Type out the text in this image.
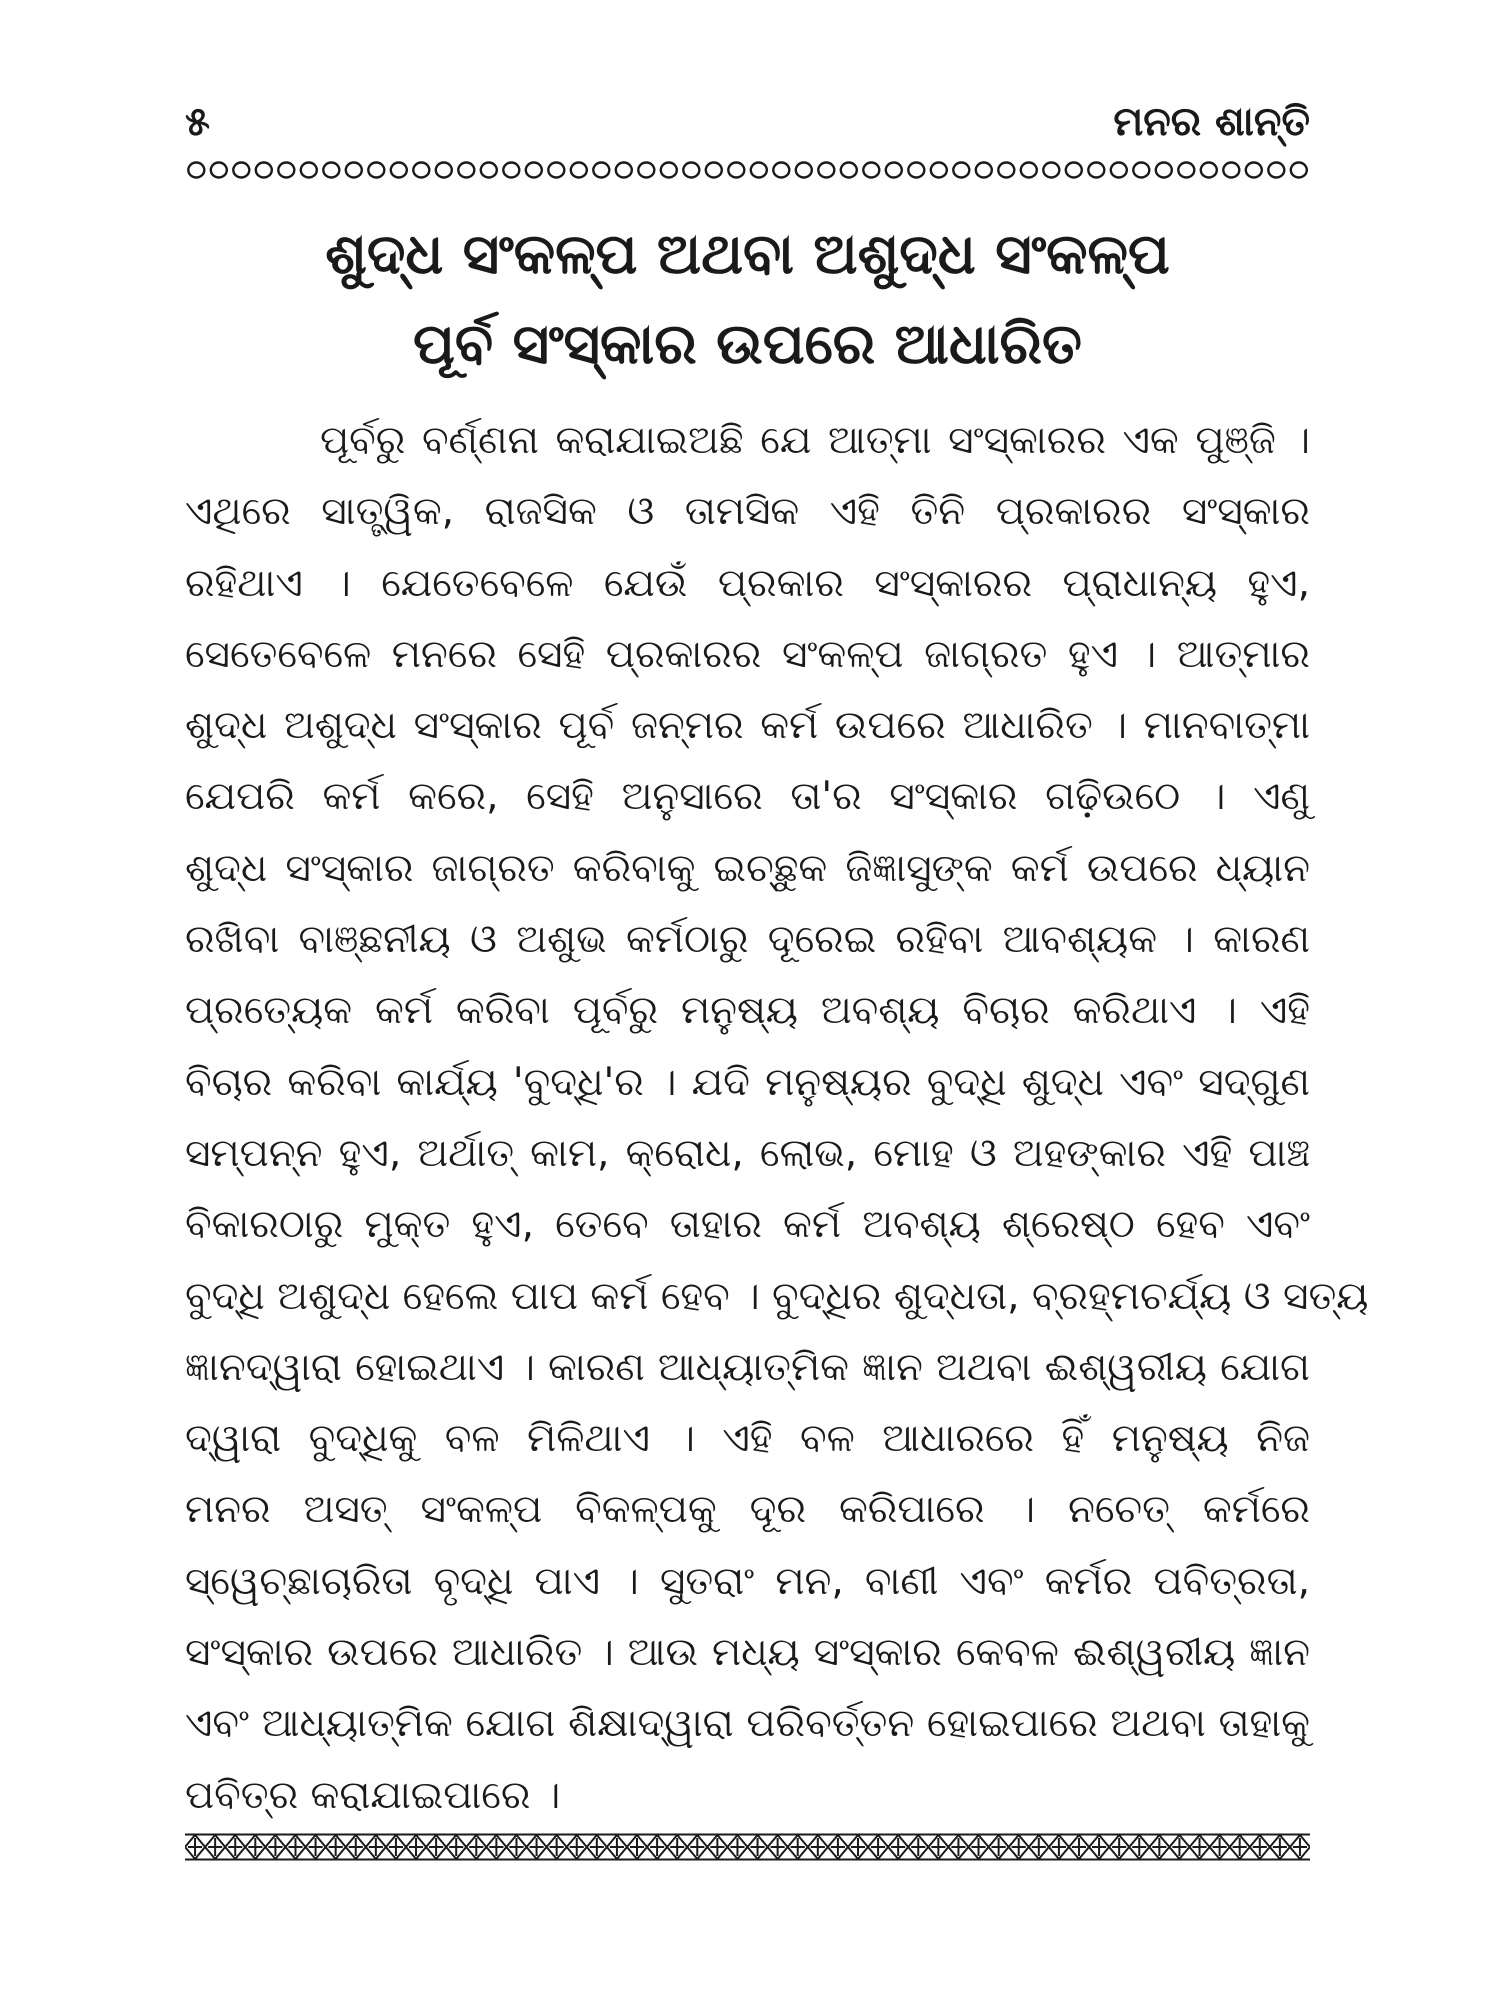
୫	ମନର ଶାନ୍ତି
ଶୁଦ୍ଧ ସଂକଳ୍ପ ଅଥବା ଅଶୁଦ୍ଧ ସଂକଳ୍ପ
ପୂର୍ବ ସଂସ୍କାର ଉପରେ ଆଧାରିତ

ପୂର୍ବରୁ ବର୍ଣ୍ଣନା କରାଯାଇଅଛି ଯେ ଆତ୍ମା ସଂସ୍କାରର ଏକ ପୁଞ୍ଜି ।
ଏଥିରେ ସାତ୍ତ୍ୱିକ, ରାଜସିକ ଓ ତାମସିକ ଏହି ତିନି ପ୍ରକାରର ସଂସ୍କାର
ରହିଥାଏ । ଯେତେବେଳେ ଯେଉଁ ପ୍ରକାର ସଂସ୍କାରର ପ୍ରାଧାନ୍ୟ ହୁଏ,
ସେତେବେଳେ ମନରେ ସେହି ପ୍ରକାରର ସଂକଳ୍ପ ଜାଗ୍ରତ ହୁଏ । ଆତ୍ମାର
ଶୁଦ୍ଧ ଅଶୁଦ୍ଧ ସଂସ୍କାର ପୂର୍ବ ଜନ୍ମର କର୍ମ ଉପରେ ଆଧାରିତ । ମାନବାତ୍ମା
ଯେପରି କର୍ମ କରେ, ସେହି ଅନୁସାରେ ତା'ର ସଂସ୍କାର ଗଢ଼ିଉଠେ । ଏଣୁ
ଶୁଦ୍ଧ ସଂସ୍କାର ଜାଗ୍ରତ କରିବାକୁ ଇଚ୍ଛୁକ ଜିଜ୍ଞାସୁଙ୍କ କର୍ମ ଉପରେ ଧ୍ୟାନ
ରଖିବା ବାଞ୍ଛନୀୟ ଓ ଅଶୁଭ କର୍ମଠାରୁ ଦୂରେଇ ରହିବା ଆବଶ୍ୟକ । କାରଣ
ପ୍ରତ୍ୟେକ କର୍ମ କରିବା ପୂର୍ବରୁ ମନୁଷ୍ୟ ଅବଶ୍ୟ ବିଚାର କରିଥାଏ । ଏହି
ବିଚାର କରିବା କାର୍ଯ୍ୟ 'ବୁଦ୍ଧି'ର । ଯଦି ମନୁଷ୍ୟର ବୁଦ୍ଧି ଶୁଦ୍ଧ ଏବଂ ସଦ୍‌ଗୁଣ
ସମ୍ପନ୍ନ ହୁଏ, ଅର୍ଥାତ୍ କାମ, କ୍ରୋଧ, ଲୋଭ, ମୋହ ଓ ଅହଙ୍କାର ଏହି ପାଞ୍ଚ
ବିକାରଠାରୁ ମୁକ୍ତ ହୁଏ, ତେବେ ତାହାର କର୍ମ ଅବଶ୍ୟ ଶ୍ରେଷ୍ଠ ହେବ ଏବଂ
ବୁଦ୍ଧି ଅଶୁଦ୍ଧ ହେଲେ ପାପ କର୍ମ ହେବ । ବୁଦ୍ଧିର ଶୁଦ୍ଧତା, ବ୍ରହ୍ମଚର୍ଯ୍ୟ ଓ ସତ୍ୟ
ଜ୍ଞାନଦ୍ୱାରା ହୋଇଥାଏ । କାରଣ ଆଧ୍ୟାତ୍ମିକ ଜ୍ଞାନ ଅଥବା ଈଶ୍ୱରୀୟ ଯୋଗ
ଦ୍ୱାରା ବୁଦ୍ଧିକୁ ବଳ ମିଳିଥାଏ । ଏହି ବଳ ଆଧାରରେ ହିଁ ମନୁଷ୍ୟ ନିଜ
ମନର ଅସତ୍ ସଂକଳ୍ପ ବିକଳ୍ପକୁ ଦୂର କରିପାରେ । ନଚେତ୍ କର୍ମରେ
ସ୍ୱେଚ୍ଛାଚାରିତା ବୃଦ୍ଧି ପାଏ । ସୁତରାଂ ମନ, ବାଣୀ ଏବଂ କର୍ମର ପବିତ୍ରତା,
ସଂସ୍କାର ଉପରେ ଆଧାରିତ । ଆଉ ମଧ୍ୟ ସଂସ୍କାର କେବଳ ଈଶ୍ୱରୀୟ ଜ୍ଞାନ
ଏବଂ ଆଧ୍ୟାତ୍ମିକ ଯୋଗ ଶିକ୍ଷାଦ୍ୱାରା ପରିବର୍ତ୍ତନ ହୋଇପାରେ ଅଥବା ତାହାକୁ
ପବିତ୍ର କରାଯାଇପାରେ ।
